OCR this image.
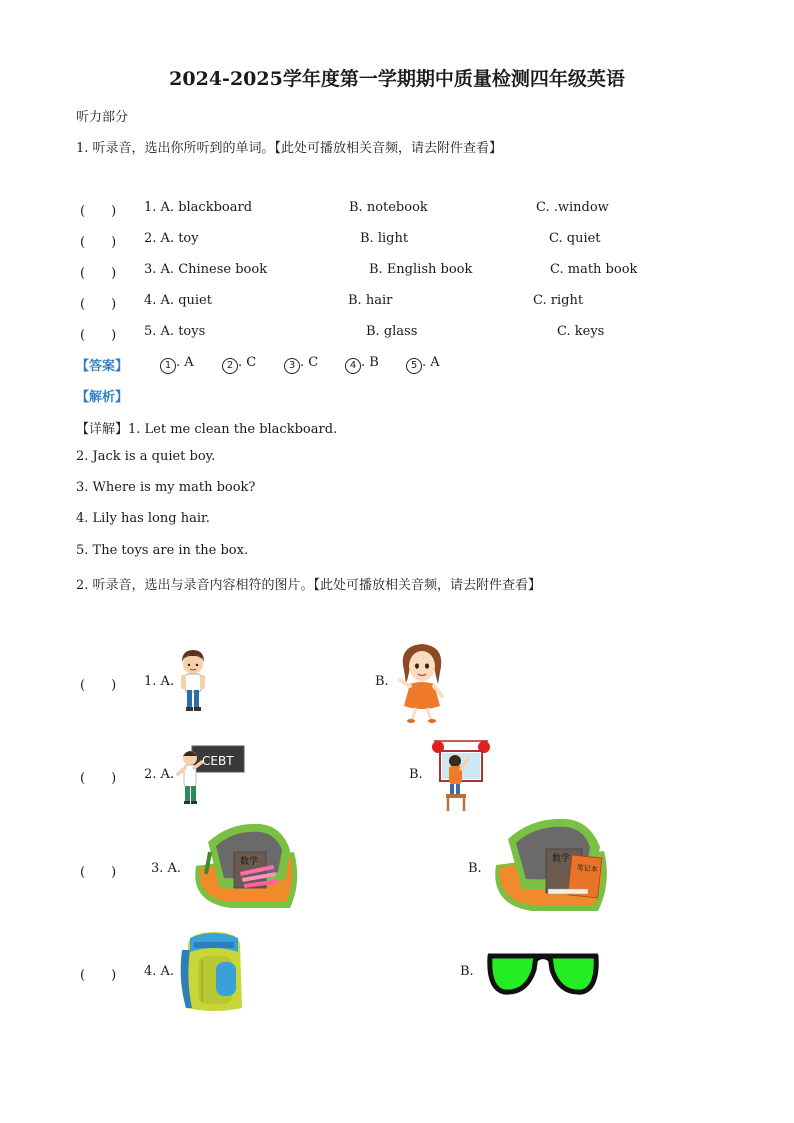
2024-2025学年度第一学期期中质量检测四年级英语
听力部分
1. 听录音，选出你所听到的单词。【此处可播放相关音频，请去附件查看】
(　　) 1. A. blackboard	B. notebook	C. .window
(　　) 2. A. toy	B. light	C. quiet
(　　) 3. A. Chinese book	B. English book	C. math book
(　　) 4. A. quiet	B. hair	C. right
(　　) 5. A. toys	B. glass	C. keys
【答案】	1 . A	2 . C	3 . C	4 . B	5 . A
【解析】
【详解】1. Let me clean the blackboard.
2. Jack is a quiet boy.
3. Where is my math book?
4. Lily has long hair.
5. The toys are in the box.
2. 听录音，选出与录音内容相符的图片。【此处可播放相关音频，请去附件查看】
(　　) 1. A.	B.
(　　) 2. A.	B.
(　　)	3. A.	B.
(　　) 4. A.	B.
CEBT
数学	数学
笔记本
